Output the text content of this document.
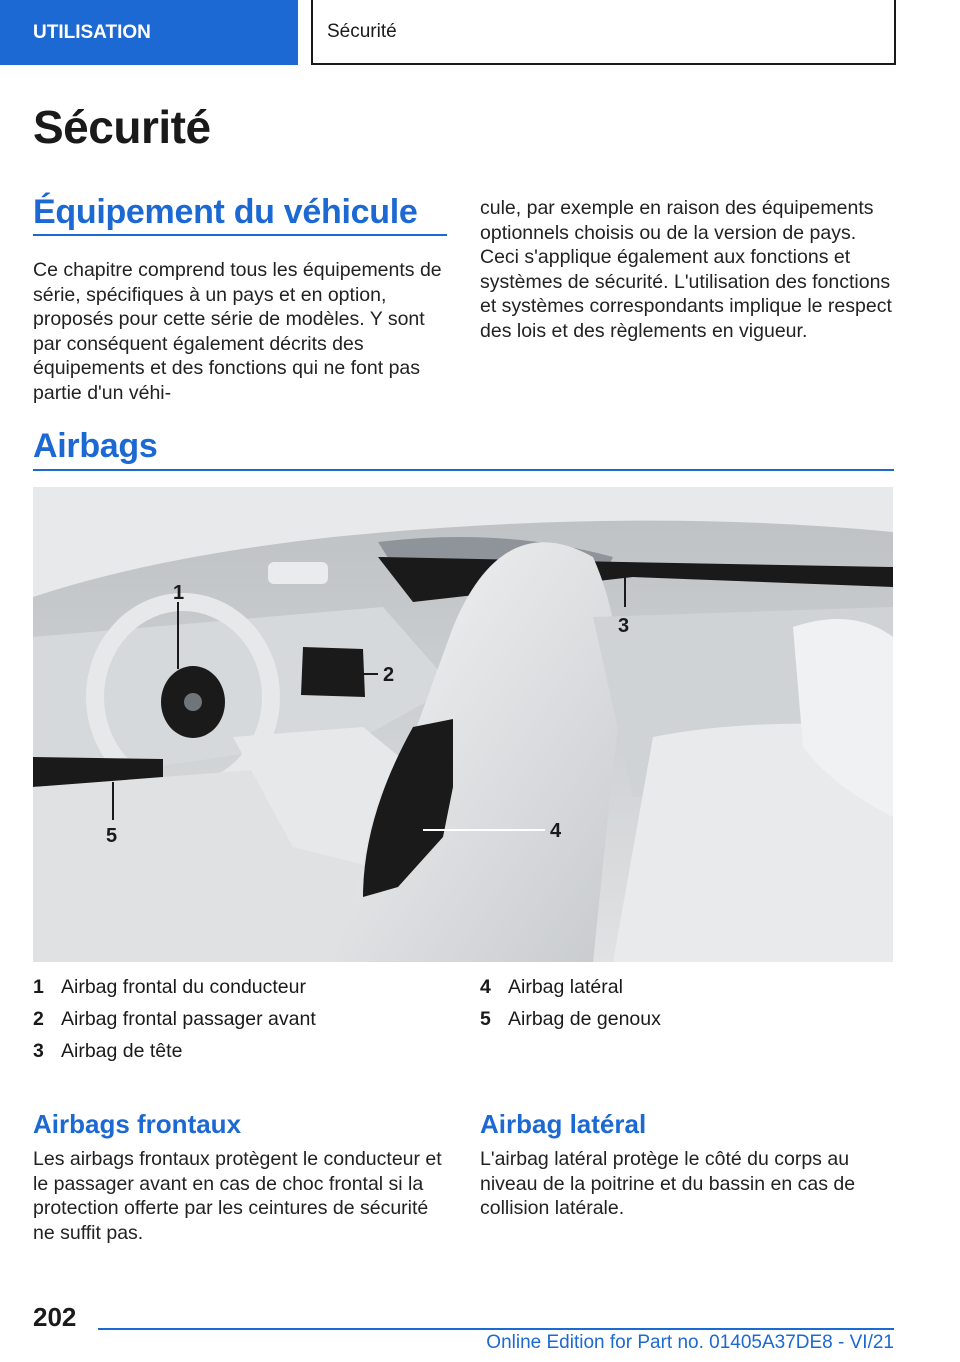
UTILISATION	Sécurité
Sécurité
Équipement du véhicule
Ce chapitre comprend tous les équipements de série, spécifiques à un pays et en option, proposés pour cette série de modèles. Y sont par conséquent également décrits des équipements et des fonctions qui ne font pas partie d'un véhi-
cule, par exemple en raison des équipements optionnels choisis ou de la version de pays. Ceci s'applique également aux fonctions et systèmes de sécurité. L'utilisation des fonctions et systèmes correspondants implique le respect des lois et des règlements en vigueur.
Airbags
1
2
3
4
5
1 Airbag frontal du conducteur
2 Airbag frontal passager avant
3 Airbag de tête
4 Airbag latéral
5 Airbag de genoux
Airbags frontaux
Les airbags frontaux protègent le conducteur et le passager avant en cas de choc frontal si la protection offerte par les ceintures de sécurité ne suffit pas.
Airbag latéral
L'airbag latéral protège le côté du corps au niveau de la poitrine et du bassin en cas de collision latérale.
202
Online Edition for Part no. 01405A37DE8 - VI/21
